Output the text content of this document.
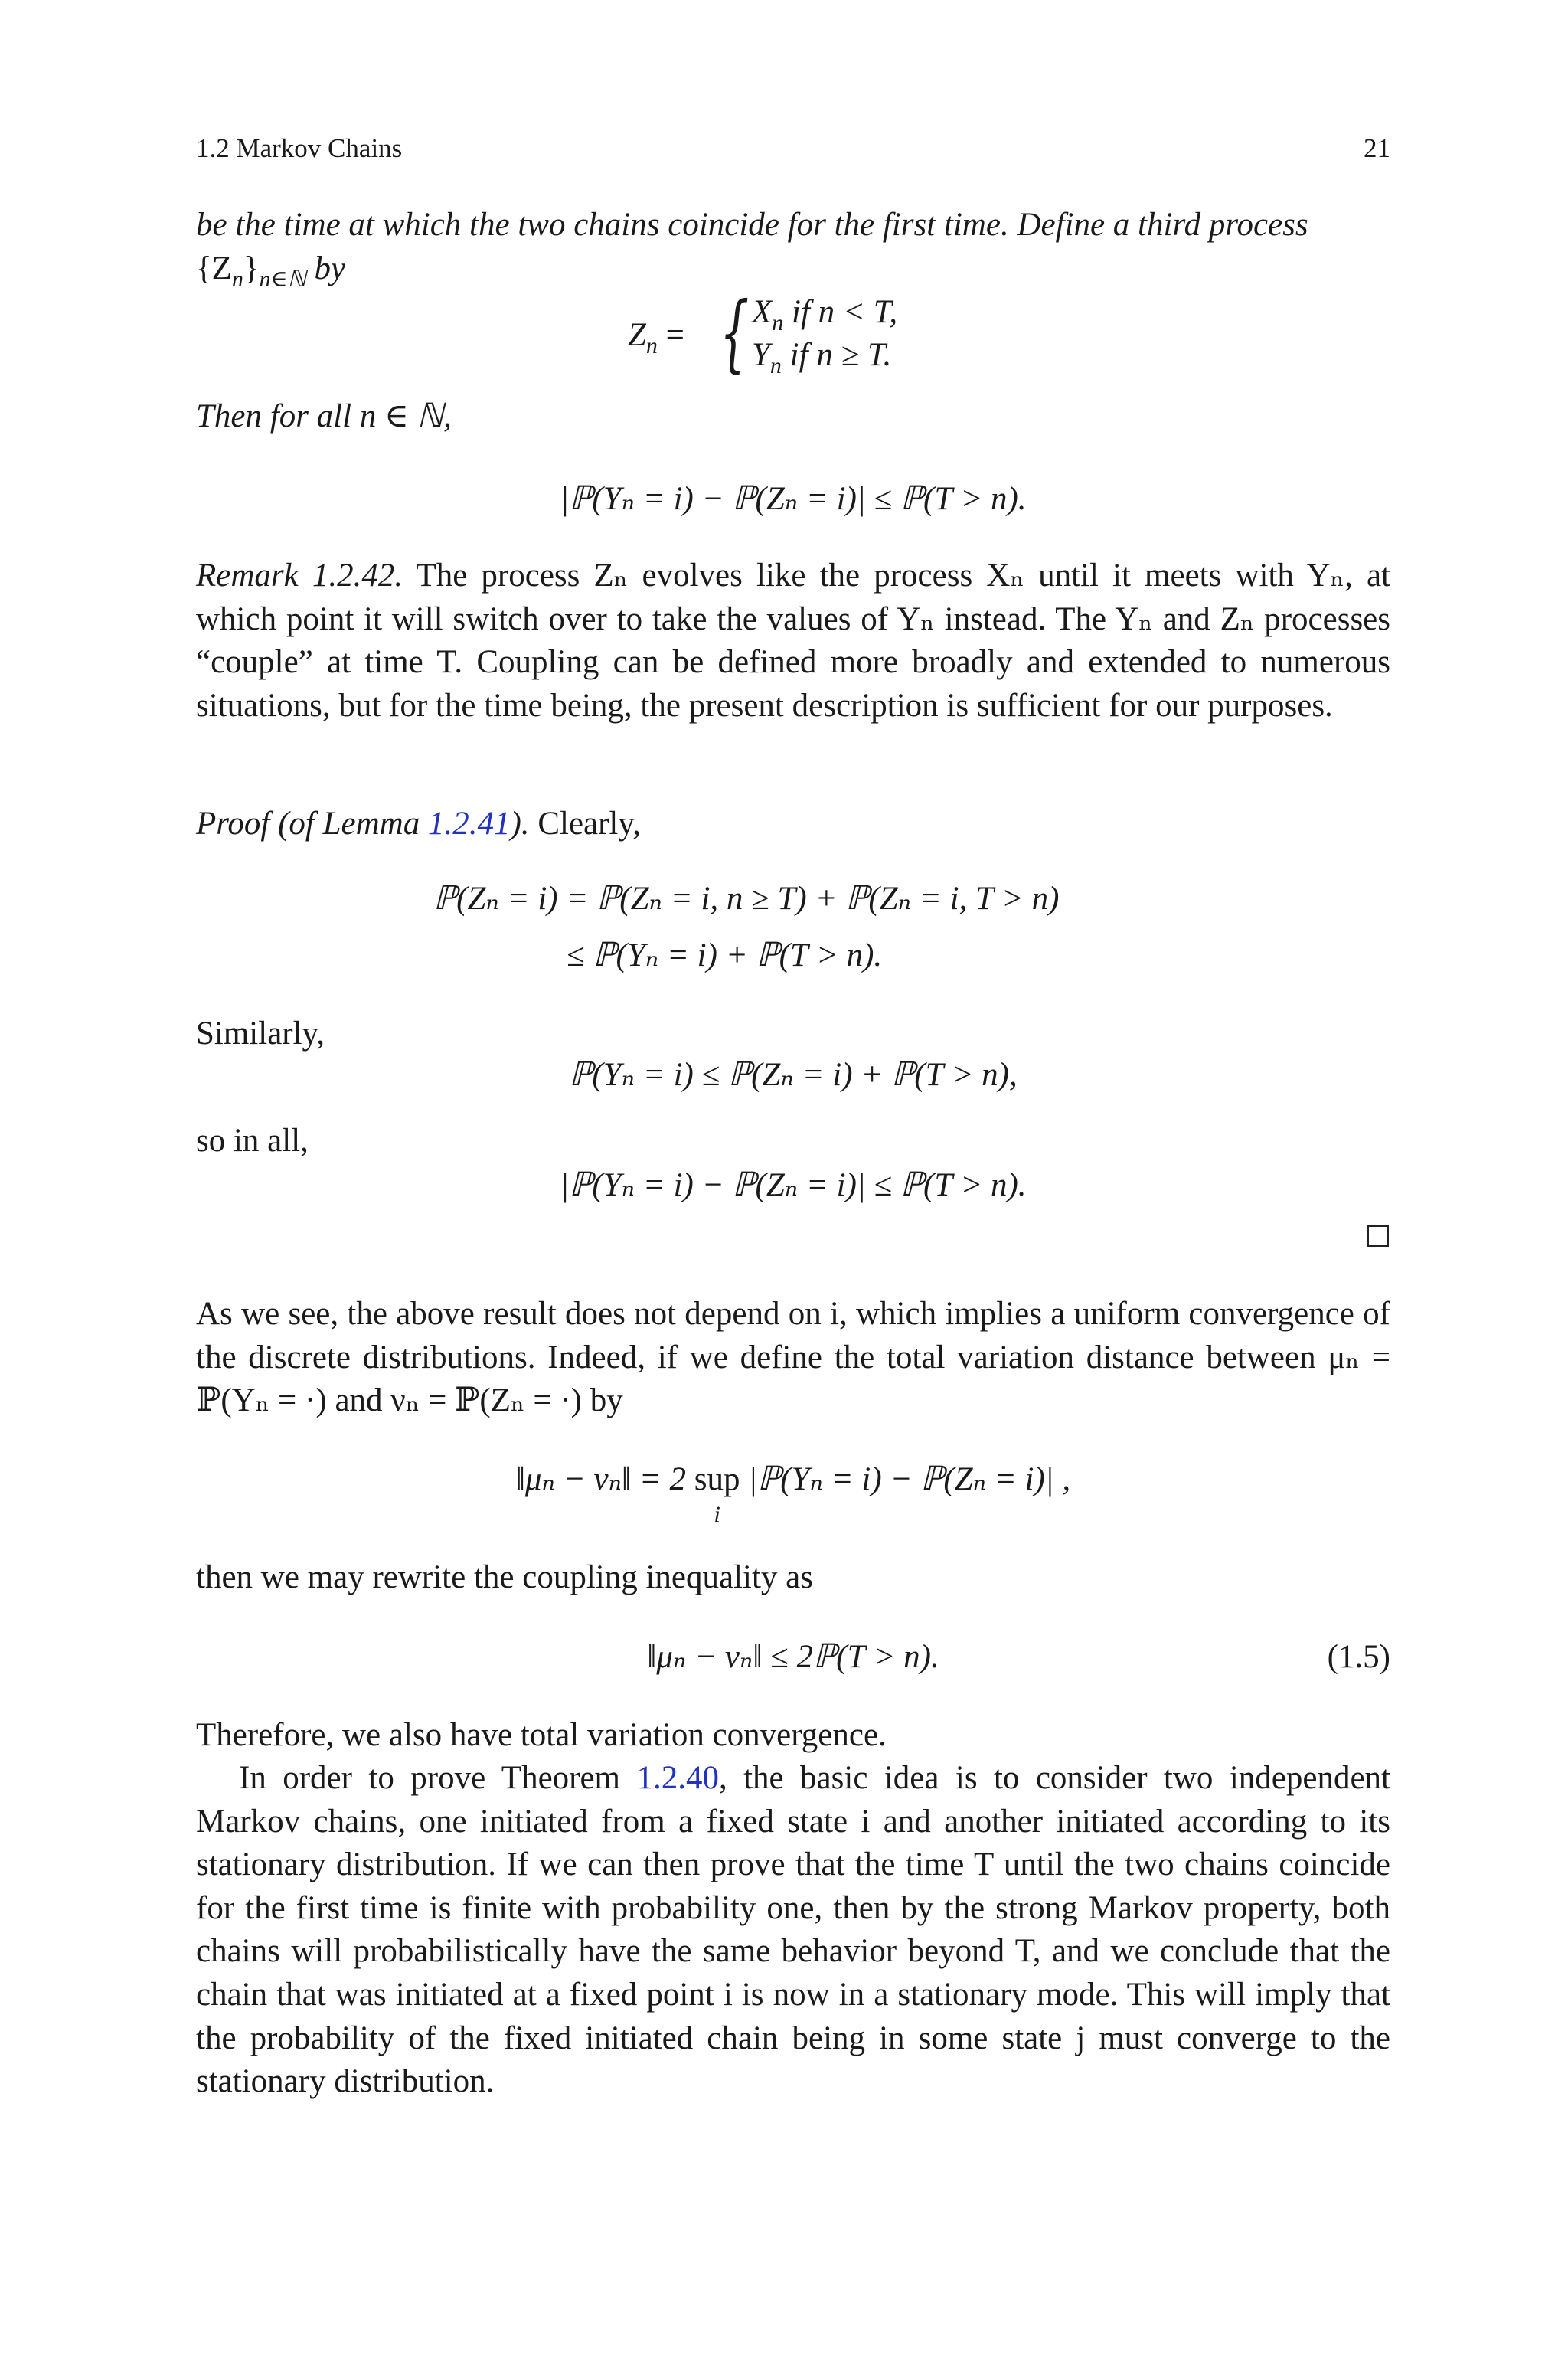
1.2 Markov Chains	21
be the time at which the two chains coincide for the first time. Define a third process
$\{Z_n\}_{n\in ℕ}$ by
$Z_n$ = { $X_n$ if n < T,
$Y_n$ if n ≥ T.
Then for all n ∈ ℕ,
|ℙ(Yₙ = i) − ℙ(Zₙ = i)| ≤ ℙ(T > n).
Remark 1.2.42. The process Zₙ evolves like the process Xₙ until it meets with Yₙ, at which point it will switch over to take the values of Yₙ instead. The Yₙ and Zₙ processes “couple” at time T. Coupling can be defined more broadly and extended to numerous situations, but for the time being, the present description is sufficient for our purposes.
Proof (of Lemma 1.2.41). Clearly,
ℙ(Zₙ = i) = ℙ(Zₙ = i, n ≥ T) + ℙ(Zₙ = i, T > n)
≤ ℙ(Yₙ = i) + ℙ(T > n).
Similarly,
ℙ(Yₙ = i) ≤ ℙ(Zₙ = i) + ℙ(T > n),
so in all,
|ℙ(Yₙ = i) − ℙ(Zₙ = i)| ≤ ℙ(T > n).
As we see, the above result does not depend on i, which implies a uniform convergence of the discrete distributions. Indeed, if we define the total variation distance between μₙ = ℙ(Yₙ = ·) and νₙ = ℙ(Zₙ = ·) by
‖μₙ − νₙ‖ = 2 sup
i
|ℙ(Yₙ = i) − ℙ(Zₙ = i)| ,
then we may rewrite the coupling inequality as
‖μₙ − νₙ‖ ≤ 2ℙ(T > n).	(1.5)
Therefore, we also have total variation convergence.
In order to prove Theorem 1.2.40, the basic idea is to consider two independent Markov chains, one initiated from a fixed state i and another initiated according to its stationary distribution. If we can then prove that the time T until the two chains coincide for the first time is finite with probability one, then by the strong Markov property, both chains will probabilistically have the same behavior beyond T, and we conclude that the chain that was initiated at a fixed point i is now in a stationary mode. This will imply that the probability of the fixed initiated chain being in some state j must converge to the stationary distribution.
